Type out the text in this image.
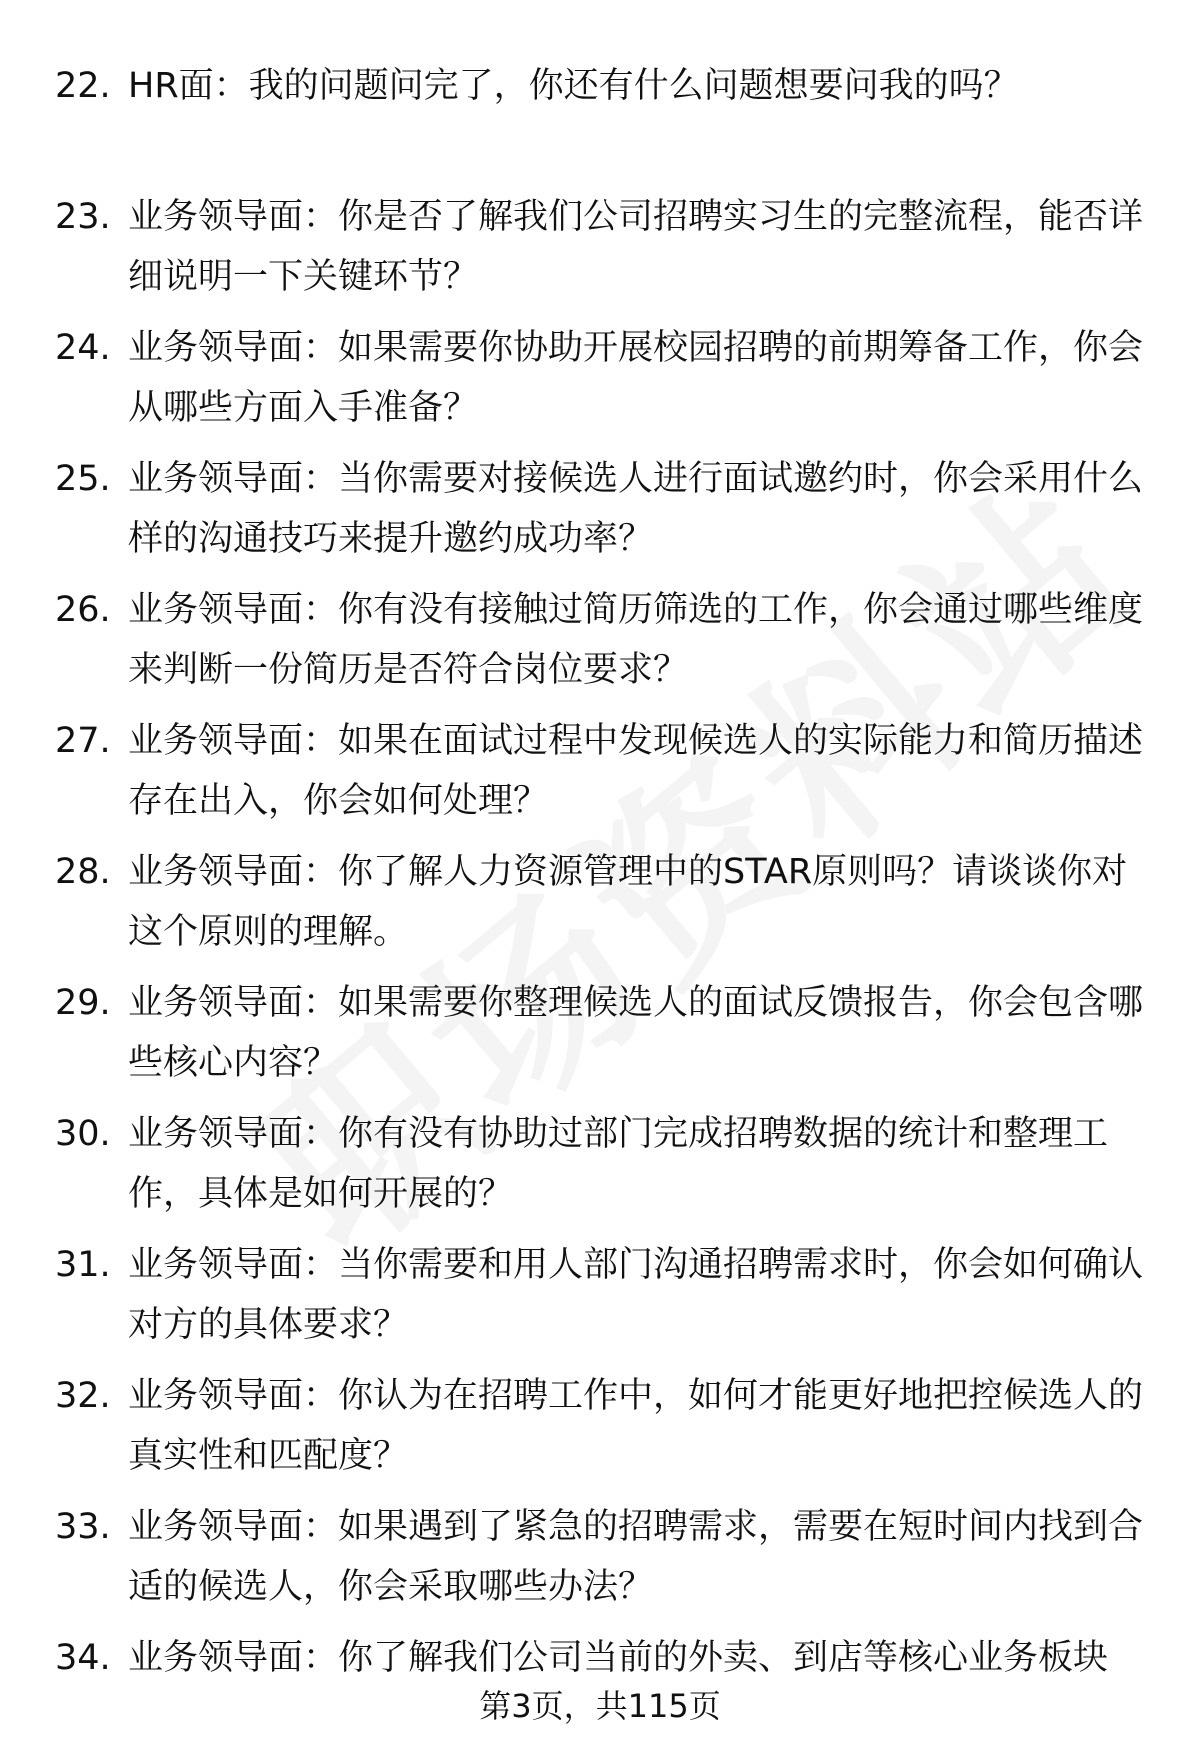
22. HR面：我的问题问完了，你还有什么问题想要问我的吗？
23. 业务领导面：你是否了解我们公司招聘实习生的完整流程，能否详细说明一下关键环节？
24. 业务领导面：如果需要你协助开展校园招聘的前期筹备工作，你会从哪些方面入手准备？
25. 业务领导面：当你需要对接候选人进行面试邀约时，你会采用什么样的沟通技巧来提升邀约成功率？
26. 业务领导面：你有没有接触过简历筛选的工作，你会通过哪些维度来判断一份简历是否符合岗位要求？
27. 业务领导面：如果在面试过程中发现候选人的实际能力和简历描述存在出入，你会如何处理？
28. 业务领导面：你了解人力资源管理中的STAR原则吗？请谈谈你对这个原则的理解。
29. 业务领导面：如果需要你整理候选人的面试反馈报告，你会包含哪些核心内容？
30. 业务领导面：你有没有协助过部门完成招聘数据的统计和整理工作，具体是如何开展的？
31. 业务领导面：当你需要和用人部门沟通招聘需求时，你会如何确认对方的具体要求？
32. 业务领导面：你认为在招聘工作中，如何才能更好地把控候选人的真实性和匹配度？
33. 业务领导面：如果遇到了紧急的招聘需求，需要在短时间内找到合适的候选人，你会采取哪些办法？
34. 业务领导面：你了解我们公司当前的外卖、到店等核心业务板块
第3页，共115页
